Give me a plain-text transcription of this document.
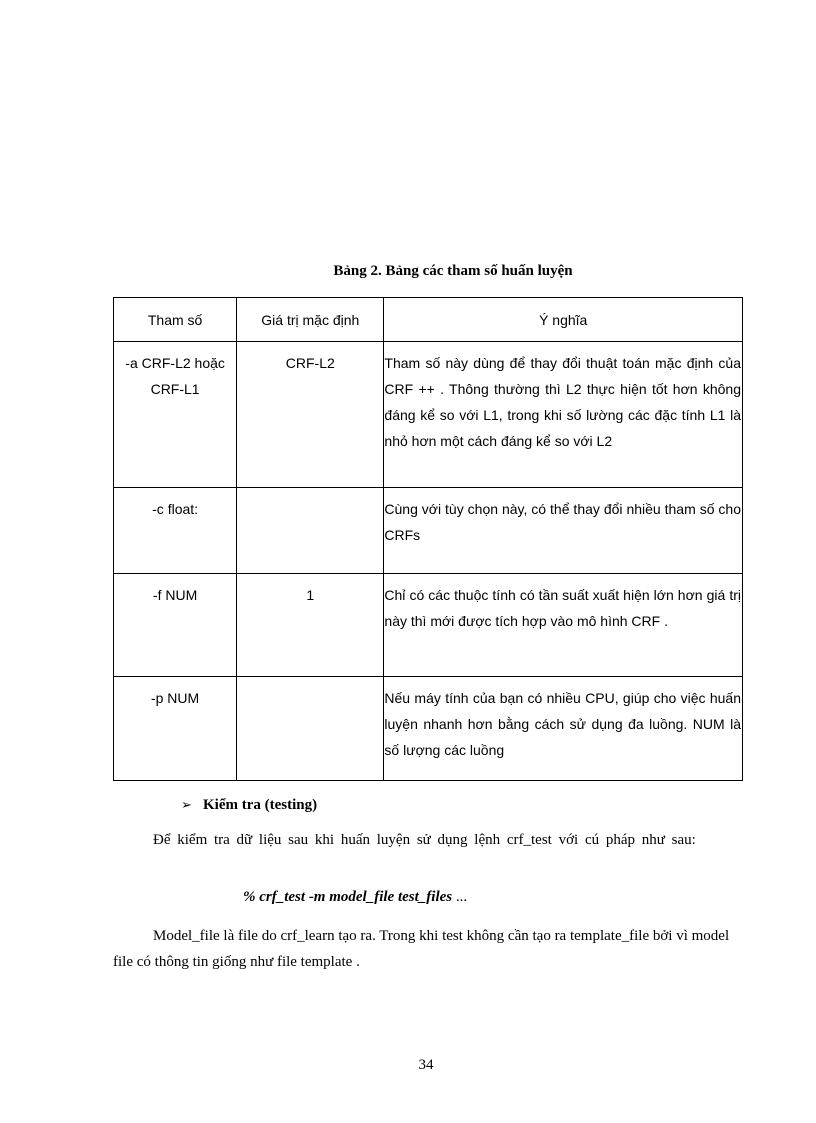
Bảng 2. Bảng các tham số huấn luyện
Tham số	Giá trị mặc định	Ý nghĩa
-a CRF-L2 hoặc CRF-L1	CRF-L2	Tham số này dùng để thay đổi thuật toán mặc định của CRF ++ . Thông thường thì L2 thực hiện tốt hơn không đáng kể so với L1, trong khi số lường các đặc tính L1 là nhỏ hơn một cách đáng kể so với L2
-c float:		Cùng với tùy chọn này, có thể thay đổi nhiều tham số cho CRFs
-f NUM	1	Chỉ có các thuộc tính có tần suất xuất hiện lớn hơn giá trị này thì mới được tích hợp vào mô hình CRF .
-p NUM		Nếu máy tính của bạn có nhiều CPU, giúp cho việc huấn luyện nhanh hơn bằng cách sử dụng đa luồng. NUM là số lượng các luồng
➢ Kiểm tra (testing)
Để kiểm tra dữ liệu sau khi huấn luyện sử dụng lệnh crf_test với cú pháp như sau:
% crf_test -m model_file test_files ...
Model_file là file do crf_learn tạo ra. Trong khi test không cần tạo ra template_file bởi vì model file có thông tin giống như file template .
34
